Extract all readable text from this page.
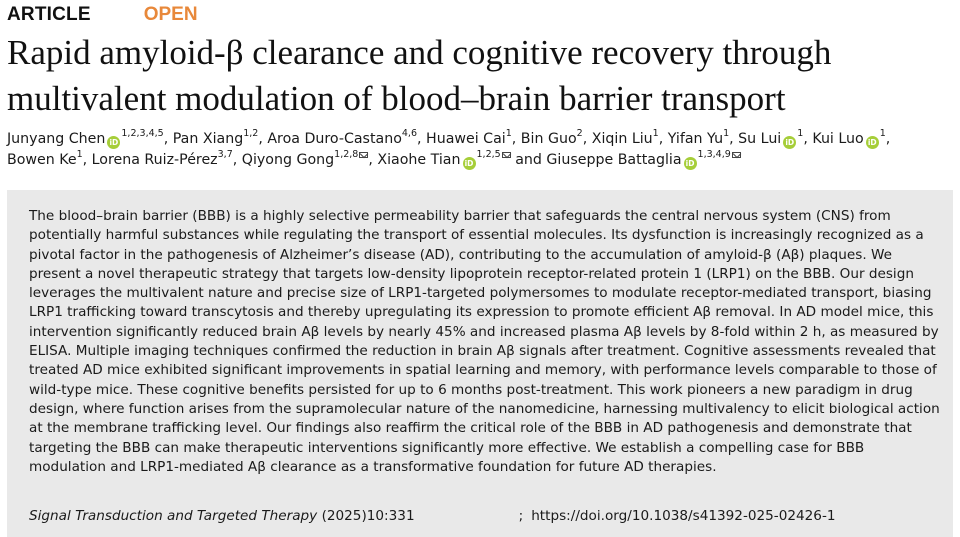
ARTICLE	OPEN
Rapid amyloid-β clearance and cognitive recovery through multivalent modulation of blood–brain barrier transport
Junyang Chen iD$^{1,2,3,4,5}$, Pan Xiang$^{1,2}$, Aroa Duro-Castano$^{4,6}$, Huawei Cai$^1$, Bin Guo$^2$, Xiqin Liu$^1$, Yifan Yu$^1$, Su Lui $iD^1$, Kui Luo $iD^1$, Bowen Ke$^1$, Lorena Ruiz-Pérez$^{3,7}$, Qiyong Gong$^{1,2,8}$ , Xiaohe Tian iD$^{1,2,5}$ and Giuseppe Battaglia iD$^{1,3,4,9}$

The blood–brain barrier (BBB) is a highly selective permeability barrier that safeguards the central nervous system (CNS) from potentially harmful substances while regulating the transport of essential molecules. Its dysfunction is increasingly recognized as a pivotal factor in the pathogenesis of Alzheimer’s disease (AD), contributing to the accumulation of amyloid-β (Aβ) plaques. We present a novel therapeutic strategy that targets low-density lipoprotein receptor-related protein 1 (LRP1) on the BBB. Our design leverages the multivalent nature and precise size of LRP1-targeted polymersomes to modulate receptor-mediated transport, biasing LRP1 trafficking toward transcytosis and thereby upregulating its expression to promote efficient Aβ removal. In AD model mice, this intervention significantly reduced brain Aβ levels by nearly 45% and increased plasma Aβ levels by 8-fold within 2 h, as measured by ELISA. Multiple imaging techniques confirmed the reduction in brain Aβ signals after treatment. Cognitive assessments revealed that treated AD mice exhibited significant improvements in spatial learning and memory, with performance levels comparable to those of wild-type mice. These cognitive benefits persisted for up to 6 months post-treatment. This work pioneers a new paradigm in drug design, where function arises from the supramolecular nature of the nanomedicine, harnessing multivalency to elicit biological action at the membrane trafficking level. Our findings also reaffirm the critical role of the BBB in AD pathogenesis and demonstrate that targeting the BBB can make therapeutic interventions significantly more effective. We establish a compelling case for BBB modulation and LRP1-mediated Aβ clearance as a transformative foundation for future AD therapies.

Signal Transduction and Targeted Therapy (2025)10:331	; https://doi.org/10.1038/s41392-025-02426-1
